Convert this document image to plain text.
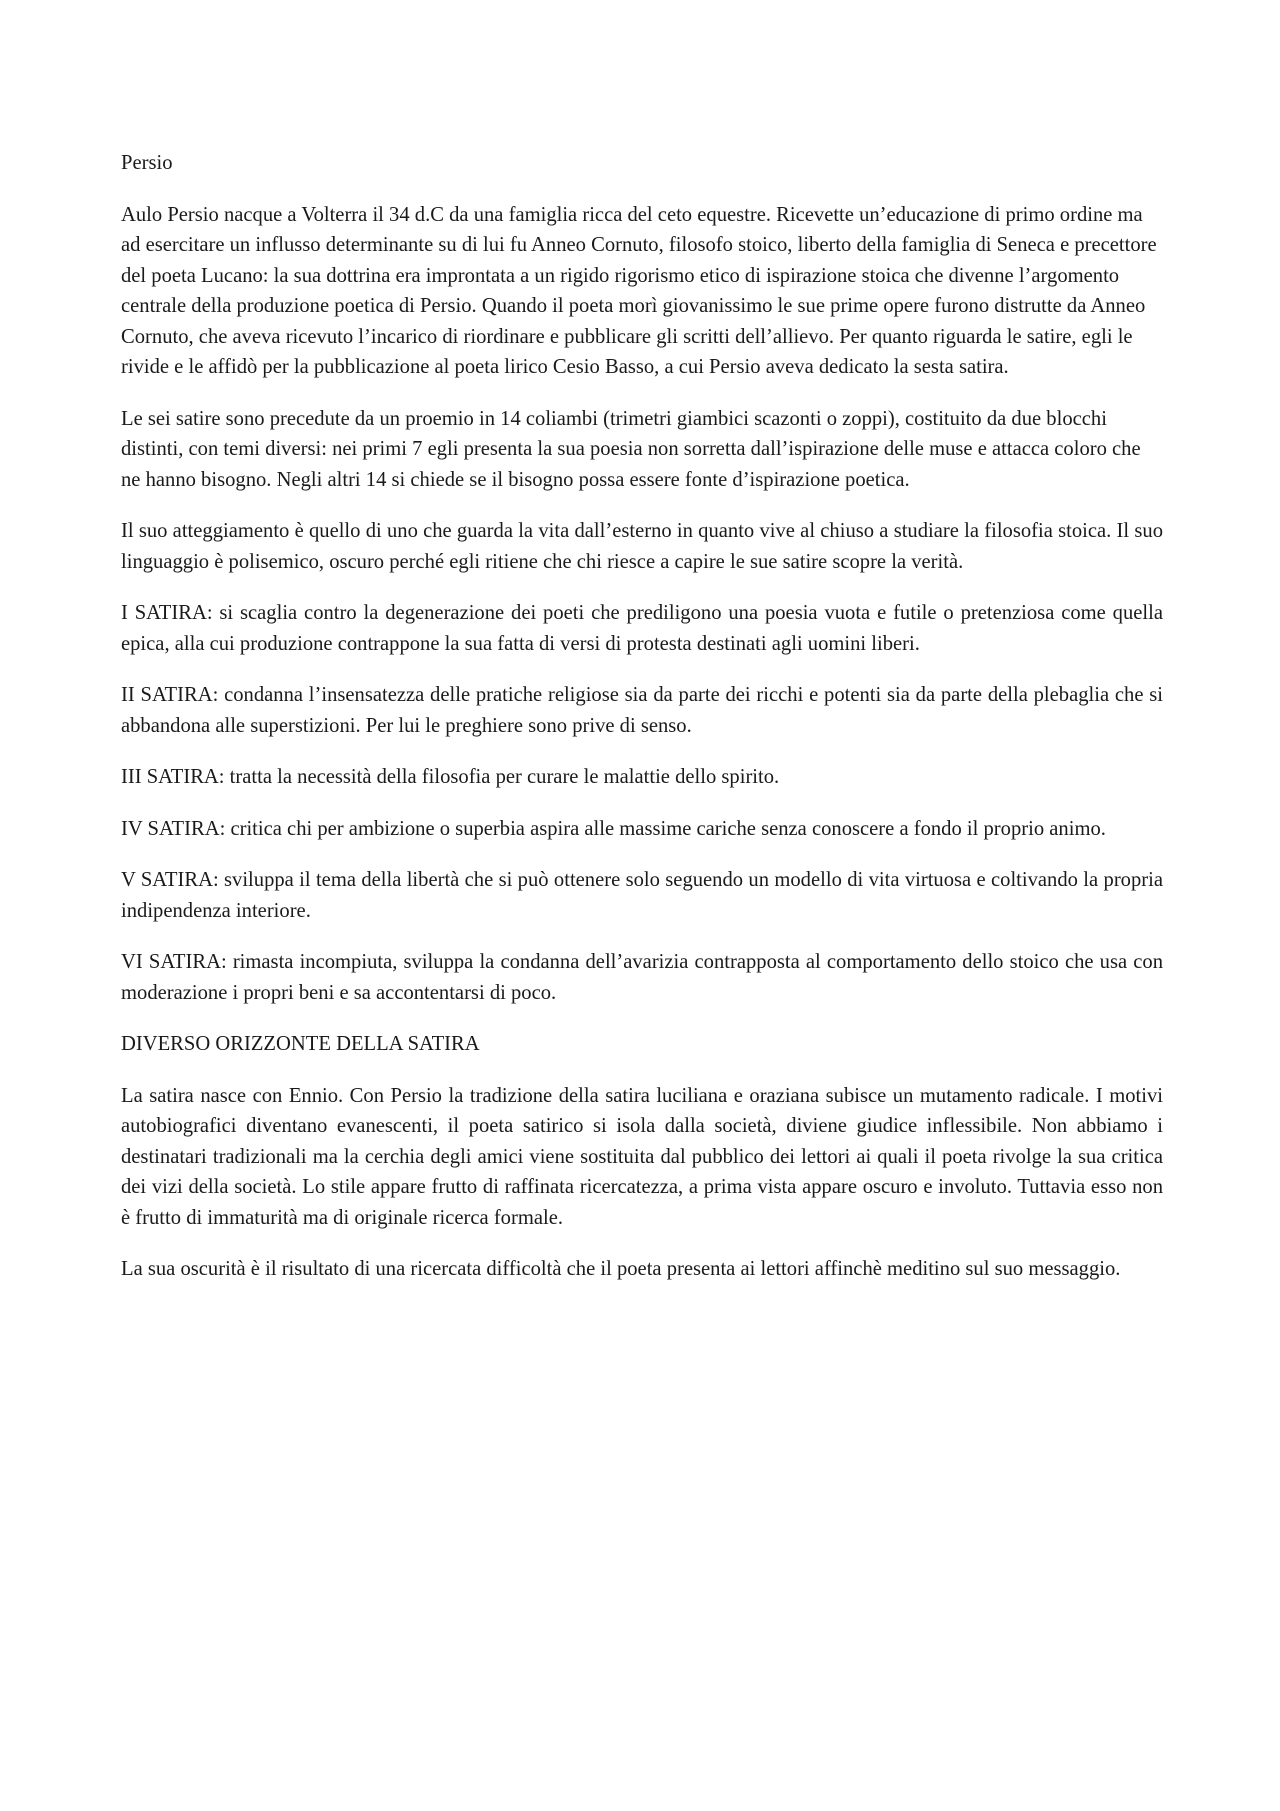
Persio

Aulo Persio nacque a Volterra il 34 d.C da una famiglia ricca del ceto equestre. Ricevette un’educazione di primo ordine ma ad esercitare un influsso determinante su di lui fu Anneo Cornuto, filosofo stoico, liberto della famiglia di Seneca e precettore del poeta Lucano: la sua dottrina era improntata a un rigido rigorismo etico di ispirazione stoica che divenne l’argomento centrale della produzione poetica di Persio. Quando il poeta morì giovanissimo le sue prime opere furono distrutte da Anneo Cornuto, che aveva ricevuto l’incarico di riordinare e pubblicare gli scritti dell’allievo. Per quanto riguarda le satire, egli le rivide e le affidò per la pubblicazione al poeta lirico Cesio Basso, a cui Persio aveva dedicato la sesta satira.

Le sei satire sono precedute da un proemio in 14 coliambi (trimetri giambici scazonti o zoppi), costituito da due blocchi distinti, con temi diversi: nei primi 7 egli presenta la sua poesia non sorretta dall’ispirazione delle muse e attacca coloro che ne hanno bisogno. Negli altri 14 si chiede se il bisogno possa essere fonte d’ispirazione poetica.

Il suo atteggiamento è quello di uno che guarda la vita dall’esterno in quanto vive al chiuso a studiare la filosofia stoica. Il suo linguaggio è polisemico, oscuro perché egli ritiene che chi riesce a capire le sue satire scopre la verità.

I SATIRA: si scaglia contro la degenerazione dei poeti che prediligono una poesia vuota e futile o pretenziosa come quella epica, alla cui produzione contrappone la sua fatta di versi di protesta destinati agli uomini liberi.

II SATIRA: condanna l’insensatezza delle pratiche religiose sia da parte dei ricchi e potenti sia da parte della plebaglia che si abbandona alle superstizioni. Per lui le preghiere sono prive di senso.

III SATIRA: tratta la necessità della filosofia per curare le malattie dello spirito.

IV SATIRA: critica chi per ambizione o superbia aspira alle massime cariche senza conoscere a fondo il proprio animo.

V SATIRA: sviluppa il tema della libertà che si può ottenere solo seguendo un modello di vita virtuosa e coltivando la propria indipendenza interiore.

VI SATIRA: rimasta incompiuta, sviluppa la condanna dell’avarizia contrapposta al comportamento dello stoico che usa con moderazione i propri beni e sa accontentarsi di poco.

DIVERSO ORIZZONTE DELLA SATIRA

La satira nasce con Ennio. Con Persio la tradizione della satira luciliana e oraziana subisce un mutamento radicale. I motivi autobiografici diventano evanescenti, il poeta satirico si isola dalla società, diviene giudice inflessibile. Non abbiamo i destinatari tradizionali ma la cerchia degli amici viene sostituita dal pubblico dei lettori ai quali il poeta rivolge la sua critica dei vizi della società. Lo stile appare frutto di raffinata ricercatezza, a prima vista appare oscuro e involuto. Tuttavia esso non è frutto di immaturità ma di originale ricerca formale.

La sua oscurità è il risultato di una ricercata difficoltà che il poeta presenta ai lettori affinchè meditino sul suo messaggio.
